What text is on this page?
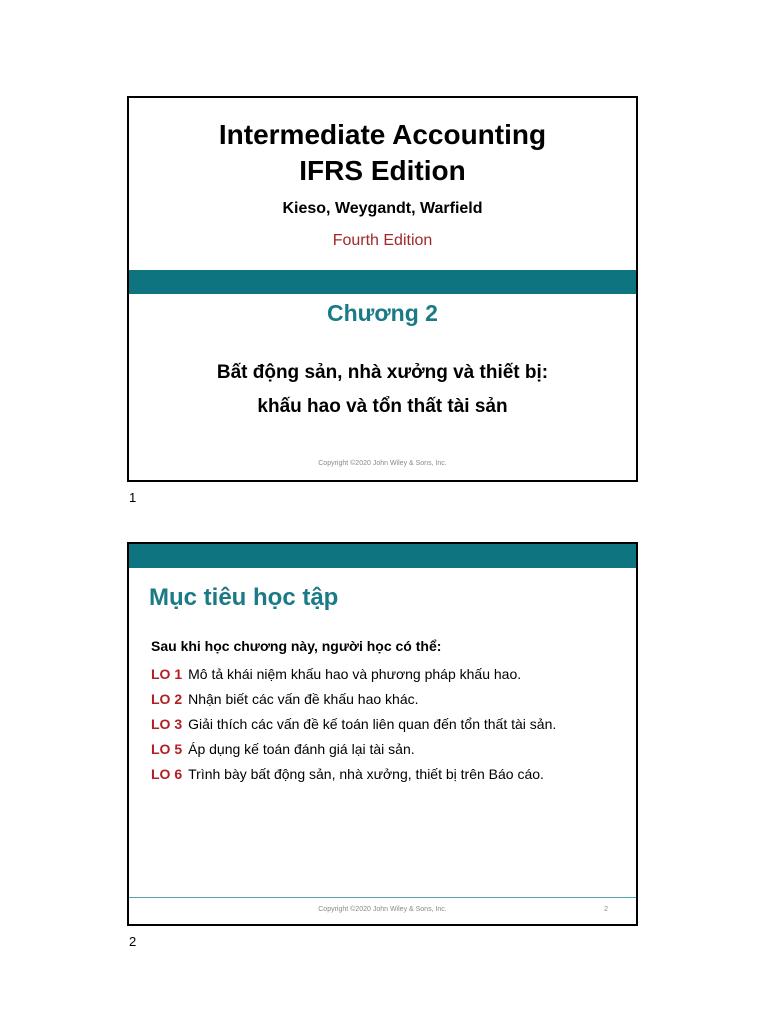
Intermediate Accounting
IFRS Edition
Kieso, Weygandt, Warfield
Fourth Edition
Chương 2
Bất động sản, nhà xưởng và thiết bị:
khấu hao và tổn thất tài sản
Copyright ©2020 John Wiley & Sons, Inc.
1
Mục tiêu học tập
Sau khi học chương này, người học có thể:
LO 1 Mô tả khái niệm khấu hao và phương pháp khấu hao.
LO 2 Nhận biết các vấn đề khấu hao khác.
LO 3 Giải thích các vấn đề kế toán liên quan đến tổn thất tài sản.
LO 5 Áp dụng kế toán đánh giá lại tài sản.
LO 6 Trình bày bất động sản, nhà xưởng, thiết bị trên Báo cáo.
Copyright ©2020 John Wiley & Sons, Inc.	2
2
